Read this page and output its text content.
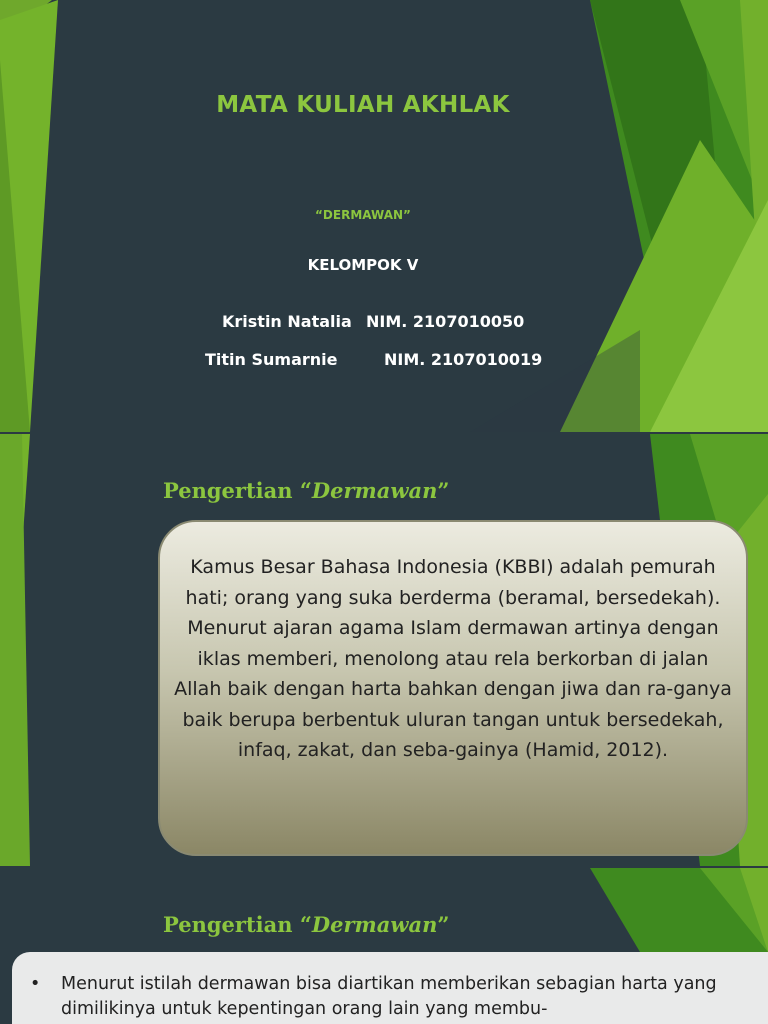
MATA KULIAH AKHLAK
“DERMAWAN”
KELOMPOK V
Kristin Natalia NIM. 2107010050
Titin Sumarnie	NIM. 2107010019
Pengertian “Dermawan”
Kamus Besar Bahasa Indonesia (KBBI) adalah pemurah hati; orang yang suka berderma (beramal, bersedekah). Menurut ajaran agama Islam dermawan artinya dengan iklas memberi, menolong atau rela berkorban di jalan Allah baik dengan harta bahkan dengan jiwa dan ra-ganya baik berupa berbentuk uluran tangan untuk bersedekah, infaq, zakat, dan seba-gainya (Hamid, 2012).
Pengertian “Dermawan”
•	Menurut istilah dermawan bisa diartikan memberikan sebagian harta yang dimilikinya untuk kepentingan orang lain yang membu-
